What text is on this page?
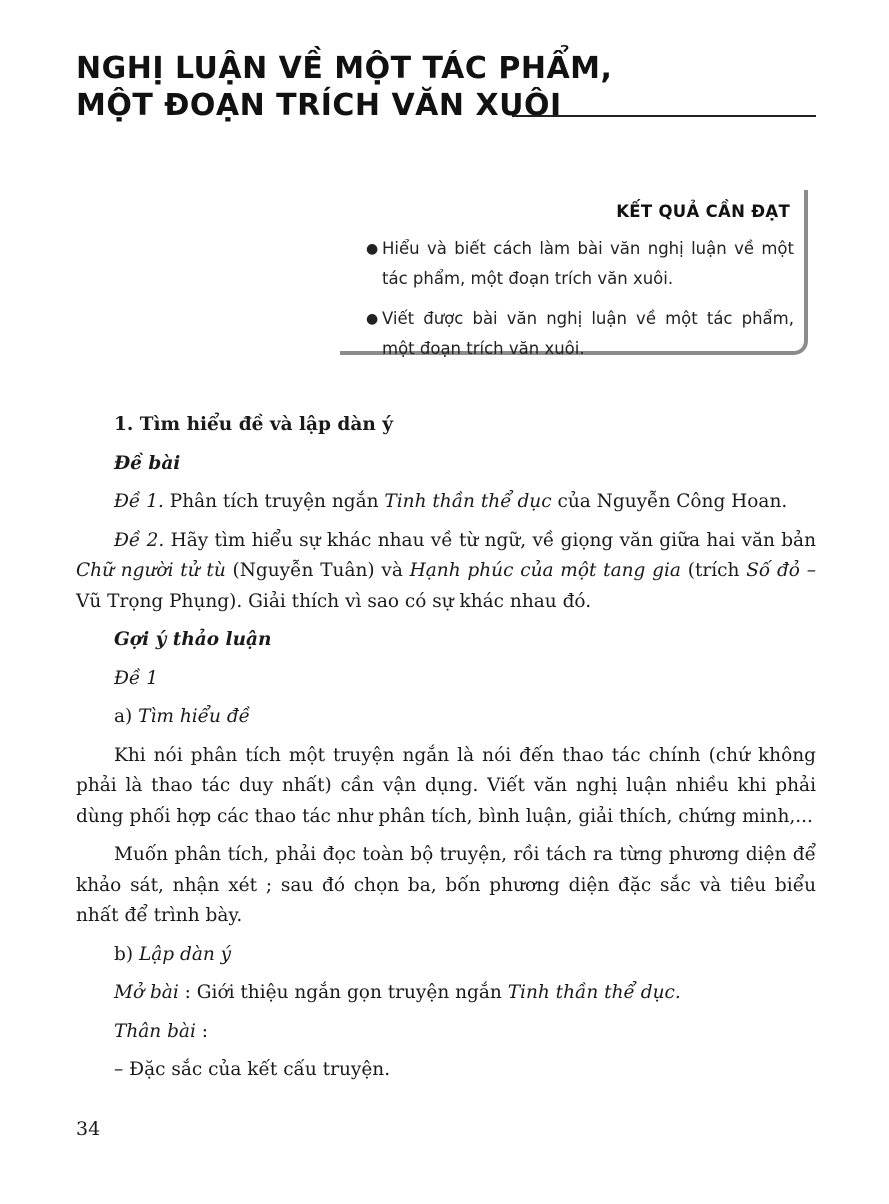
NGHỊ LUẬN VỀ MỘT TÁC PHẨM,
MỘT ĐOẠN TRÍCH VĂN XUÔI
KẾT QUẢ CẦN ĐẠT
● Hiểu và biết cách làm bài văn nghị luận về một tác phẩm, một đoạn trích văn xuôi.
● Viết được bài văn nghị luận về một tác phẩm, một đoạn trích văn xuôi.

1. Tìm hiểu đề và lập dàn ý

Đề bài

Đề 1. Phân tích truyện ngắn Tinh thần thể dục của Nguyễn Công Hoan.

Đề 2. Hãy tìm hiểu sự khác nhau về từ ngữ, về giọng văn giữa hai văn bản Chữ người tử tù (Nguyễn Tuân) và Hạnh phúc của một tang gia (trích Số đỏ – Vũ Trọng Phụng). Giải thích vì sao có sự khác nhau đó.

Gợi ý thảo luận

Đề 1

a) Tìm hiểu đề

Khi nói phân tích một truyện ngắn là nói đến thao tác chính (chứ không phải là thao tác duy nhất) cần vận dụng. Viết văn nghị luận nhiều khi phải dùng phối hợp các thao tác như phân tích, bình luận, giải thích, chứng minh,...

Muốn phân tích, phải đọc toàn bộ truyện, rồi tách ra từng phương diện để khảo sát, nhận xét ; sau đó chọn ba, bốn phương diện đặc sắc và tiêu biểu nhất để trình bày.

b) Lập dàn ý

Mở bài : Giới thiệu ngắn gọn truyện ngắn Tinh thần thể dục.

Thân bài :

– Đặc sắc của kết cấu truyện.

34
